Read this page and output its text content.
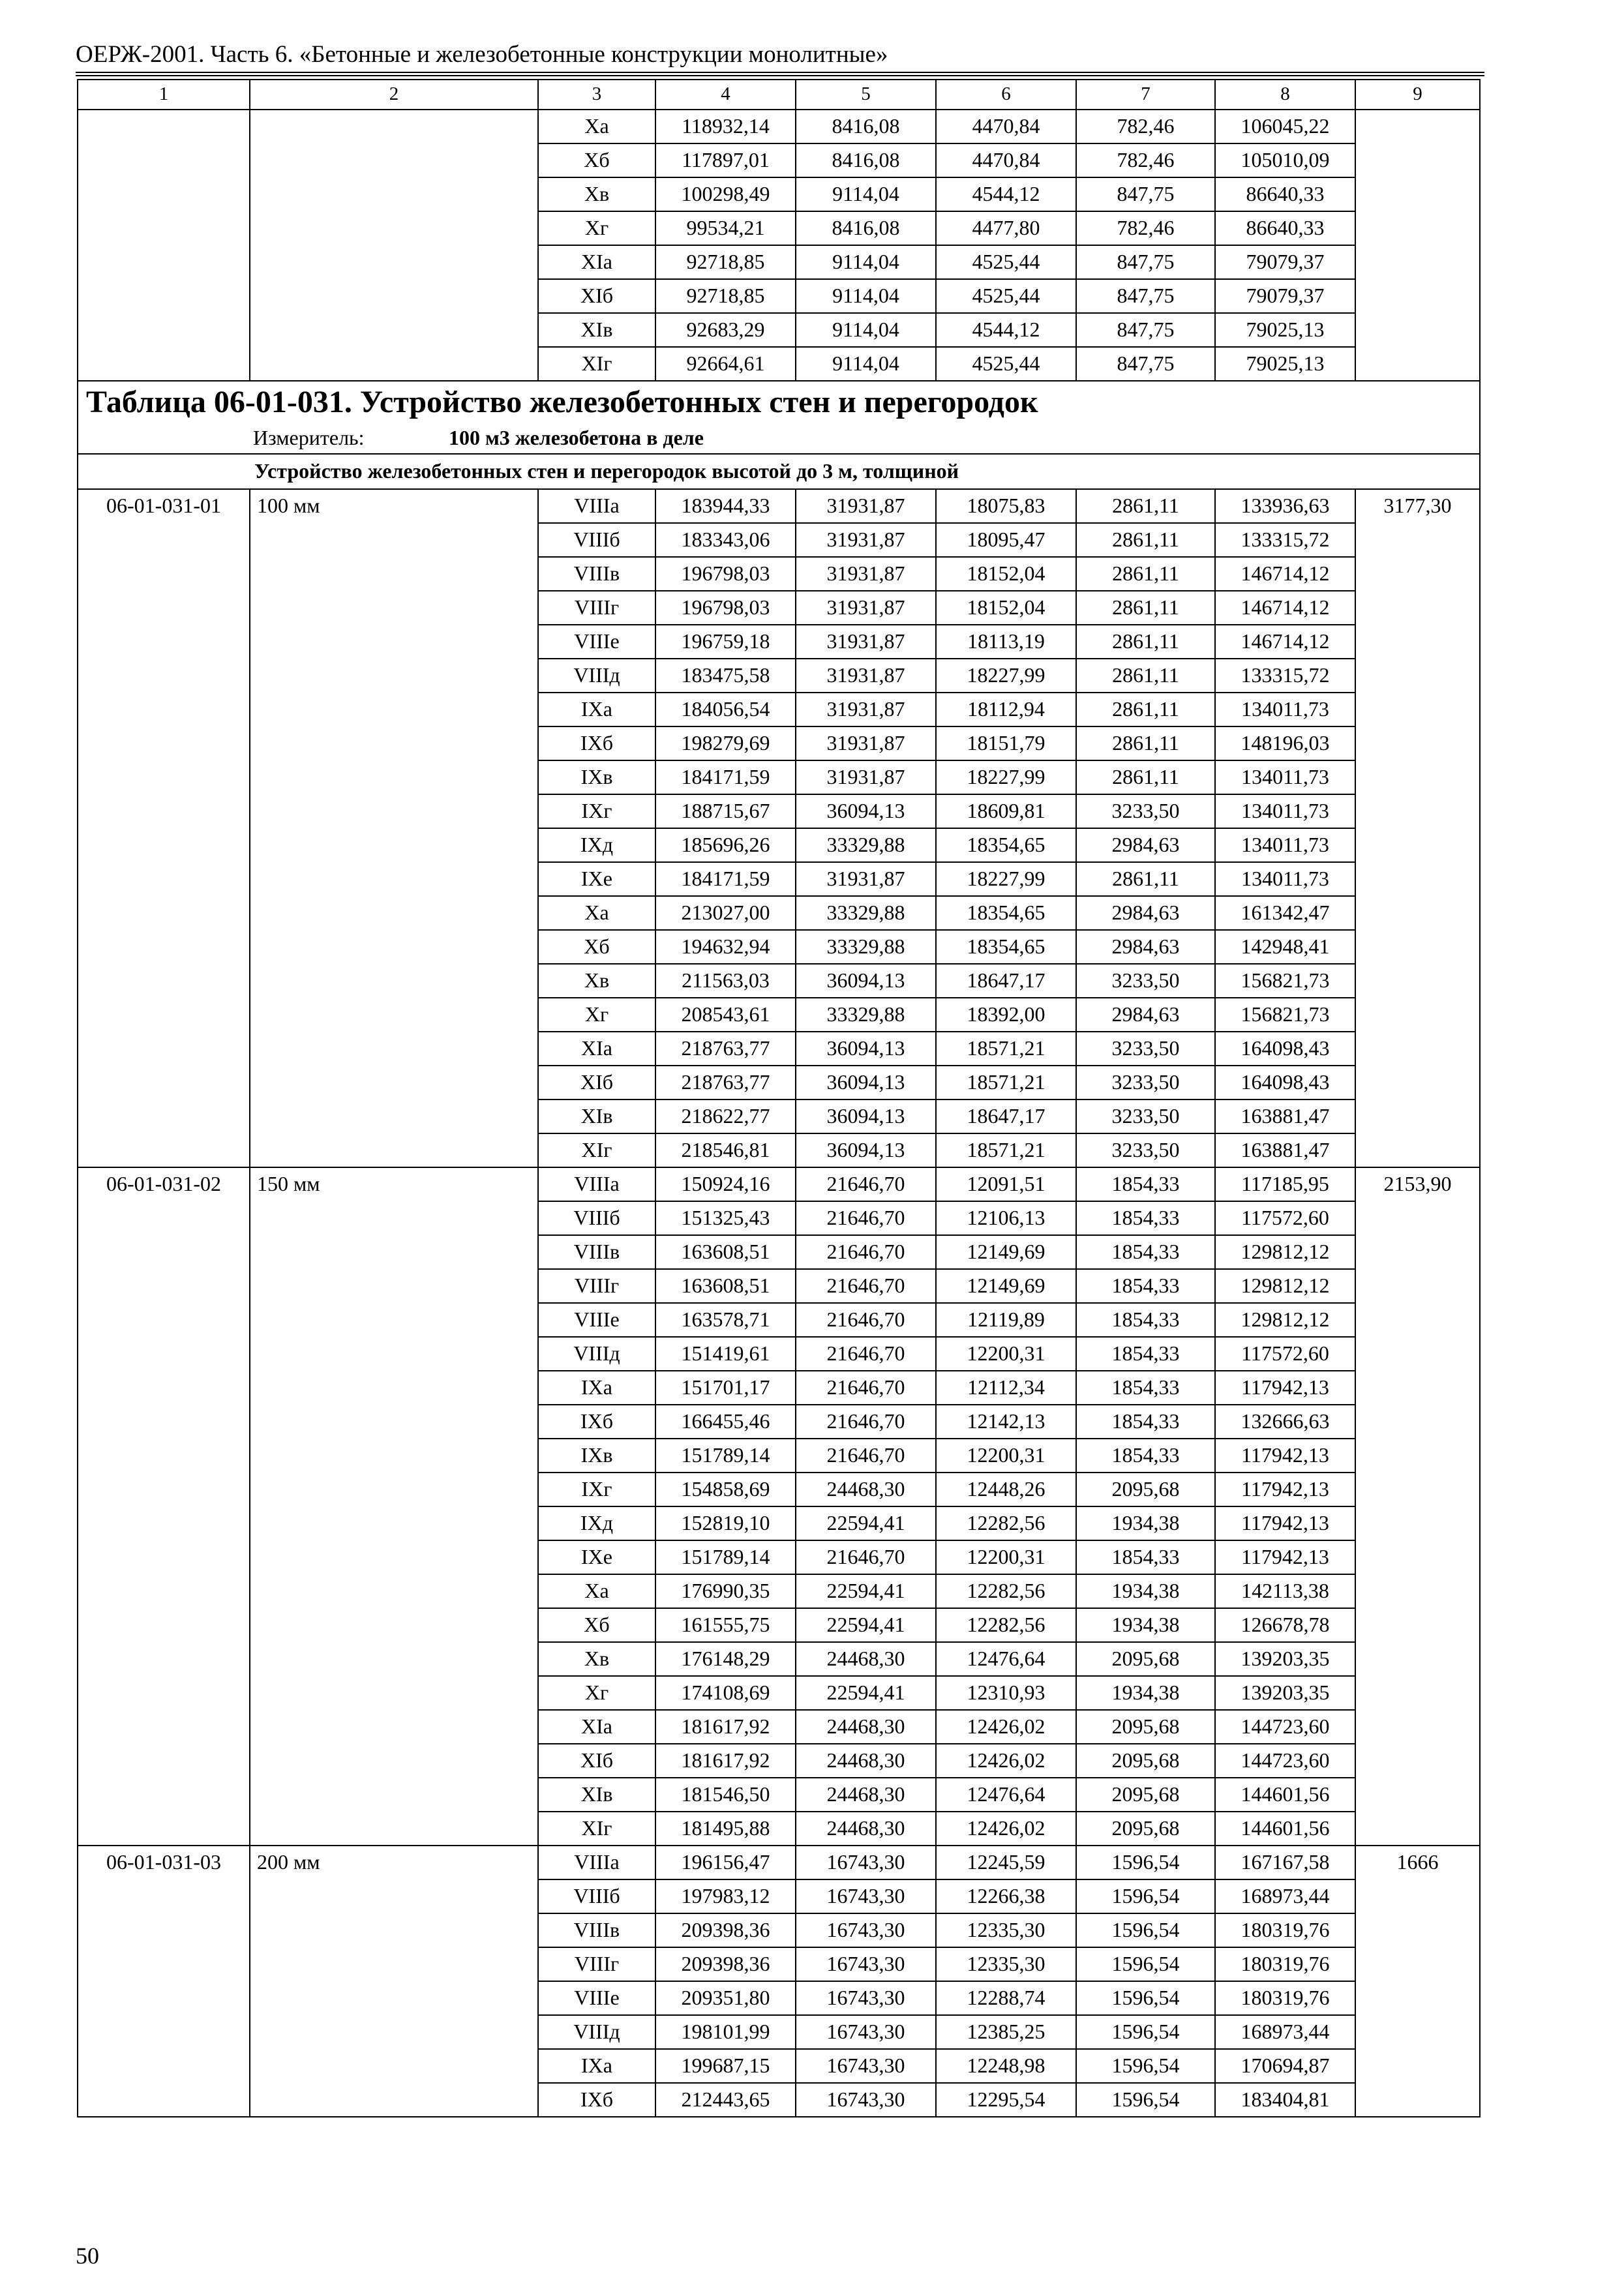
ОЕРЖ-2001. Часть 6. «Бетонные и железобетонные конструкции монолитные»
1	2	3	4	5	6	7	8	9
		Ха	118932,14	8416,08	4470,84	782,46	106045,22	
		Хб	117897,01	8416,08	4470,84	782,46	105010,09	
		Хв	100298,49	9114,04	4544,12	847,75	86640,33	
		Хг	99534,21	8416,08	4477,80	782,46	86640,33	
		ХIа	92718,85	9114,04	4525,44	847,75	79079,37	
		ХIб	92718,85	9114,04	4525,44	847,75	79079,37	
		ХIв	92683,29	9114,04	4544,12	847,75	79025,13	
		ХIг	92664,61	9114,04	4525,44	847,75	79025,13	
Таблица 06-01-031. Устройство железобетонных стен и перегородок								
Измеритель: 100 м3 железобетона в деле								
Устройство железобетонных стен и перегородок высотой до 3 м, толщиной								
06-01-031-01	100 мм	VIIIа	183944,33	31931,87	18075,83	2861,11	133936,63	3177,30
		VIIIб	183343,06	31931,87	18095,47	2861,11	133315,72	
		VIIIв	196798,03	31931,87	18152,04	2861,11	146714,12	
		VIIIг	196798,03	31931,87	18152,04	2861,11	146714,12	
		VIIIе	196759,18	31931,87	18113,19	2861,11	146714,12	
		VIIIд	183475,58	31931,87	18227,99	2861,11	133315,72	
		IХа	184056,54	31931,87	18112,94	2861,11	134011,73	
		IХб	198279,69	31931,87	18151,79	2861,11	148196,03	
		IХв	184171,59	31931,87	18227,99	2861,11	134011,73	
		IХг	188715,67	36094,13	18609,81	3233,50	134011,73	
		IХд	185696,26	33329,88	18354,65	2984,63	134011,73	
		IХе	184171,59	31931,87	18227,99	2861,11	134011,73	
		Ха	213027,00	33329,88	18354,65	2984,63	161342,47	
		Хб	194632,94	33329,88	18354,65	2984,63	142948,41	
		Хв	211563,03	36094,13	18647,17	3233,50	156821,73	
		Хг	208543,61	33329,88	18392,00	2984,63	156821,73	
		ХIа	218763,77	36094,13	18571,21	3233,50	164098,43	
		ХIб	218763,77	36094,13	18571,21	3233,50	164098,43	
		ХIв	218622,77	36094,13	18647,17	3233,50	163881,47	
		ХIг	218546,81	36094,13	18571,21	3233,50	163881,47	
06-01-031-02	150 мм	VIIIа	150924,16	21646,70	12091,51	1854,33	117185,95	2153,90
		VIIIб	151325,43	21646,70	12106,13	1854,33	117572,60	
		VIIIв	163608,51	21646,70	12149,69	1854,33	129812,12	
		VIIIг	163608,51	21646,70	12149,69	1854,33	129812,12	
		VIIIе	163578,71	21646,70	12119,89	1854,33	129812,12	
		VIIIд	151419,61	21646,70	12200,31	1854,33	117572,60	
		IХа	151701,17	21646,70	12112,34	1854,33	117942,13	
		IХб	166455,46	21646,70	12142,13	1854,33	132666,63	
		IХв	151789,14	21646,70	12200,31	1854,33	117942,13	
		IХг	154858,69	24468,30	12448,26	2095,68	117942,13	
		IХд	152819,10	22594,41	12282,56	1934,38	117942,13	
		IХе	151789,14	21646,70	12200,31	1854,33	117942,13	
		Ха	176990,35	22594,41	12282,56	1934,38	142113,38	
		Хб	161555,75	22594,41	12282,56	1934,38	126678,78	
		Хв	176148,29	24468,30	12476,64	2095,68	139203,35	
		Хг	174108,69	22594,41	12310,93	1934,38	139203,35	
		ХIа	181617,92	24468,30	12426,02	2095,68	144723,60	
		ХIб	181617,92	24468,30	12426,02	2095,68	144723,60	
		ХIв	181546,50	24468,30	12476,64	2095,68	144601,56	
		ХIг	181495,88	24468,30	12426,02	2095,68	144601,56	
06-01-031-03	200 мм	VIIIа	196156,47	16743,30	12245,59	1596,54	167167,58	1666
		VIIIб	197983,12	16743,30	12266,38	1596,54	168973,44	
		VIIIв	209398,36	16743,30	12335,30	1596,54	180319,76	
		VIIIг	209398,36	16743,30	12335,30	1596,54	180319,76	
		VIIIе	209351,80	16743,30	12288,74	1596,54	180319,76	
		VIIIд	198101,99	16743,30	12385,25	1596,54	168973,44	
		IХа	199687,15	16743,30	12248,98	1596,54	170694,87	
		IХб	212443,65	16743,30	12295,54	1596,54	183404,81	
50
